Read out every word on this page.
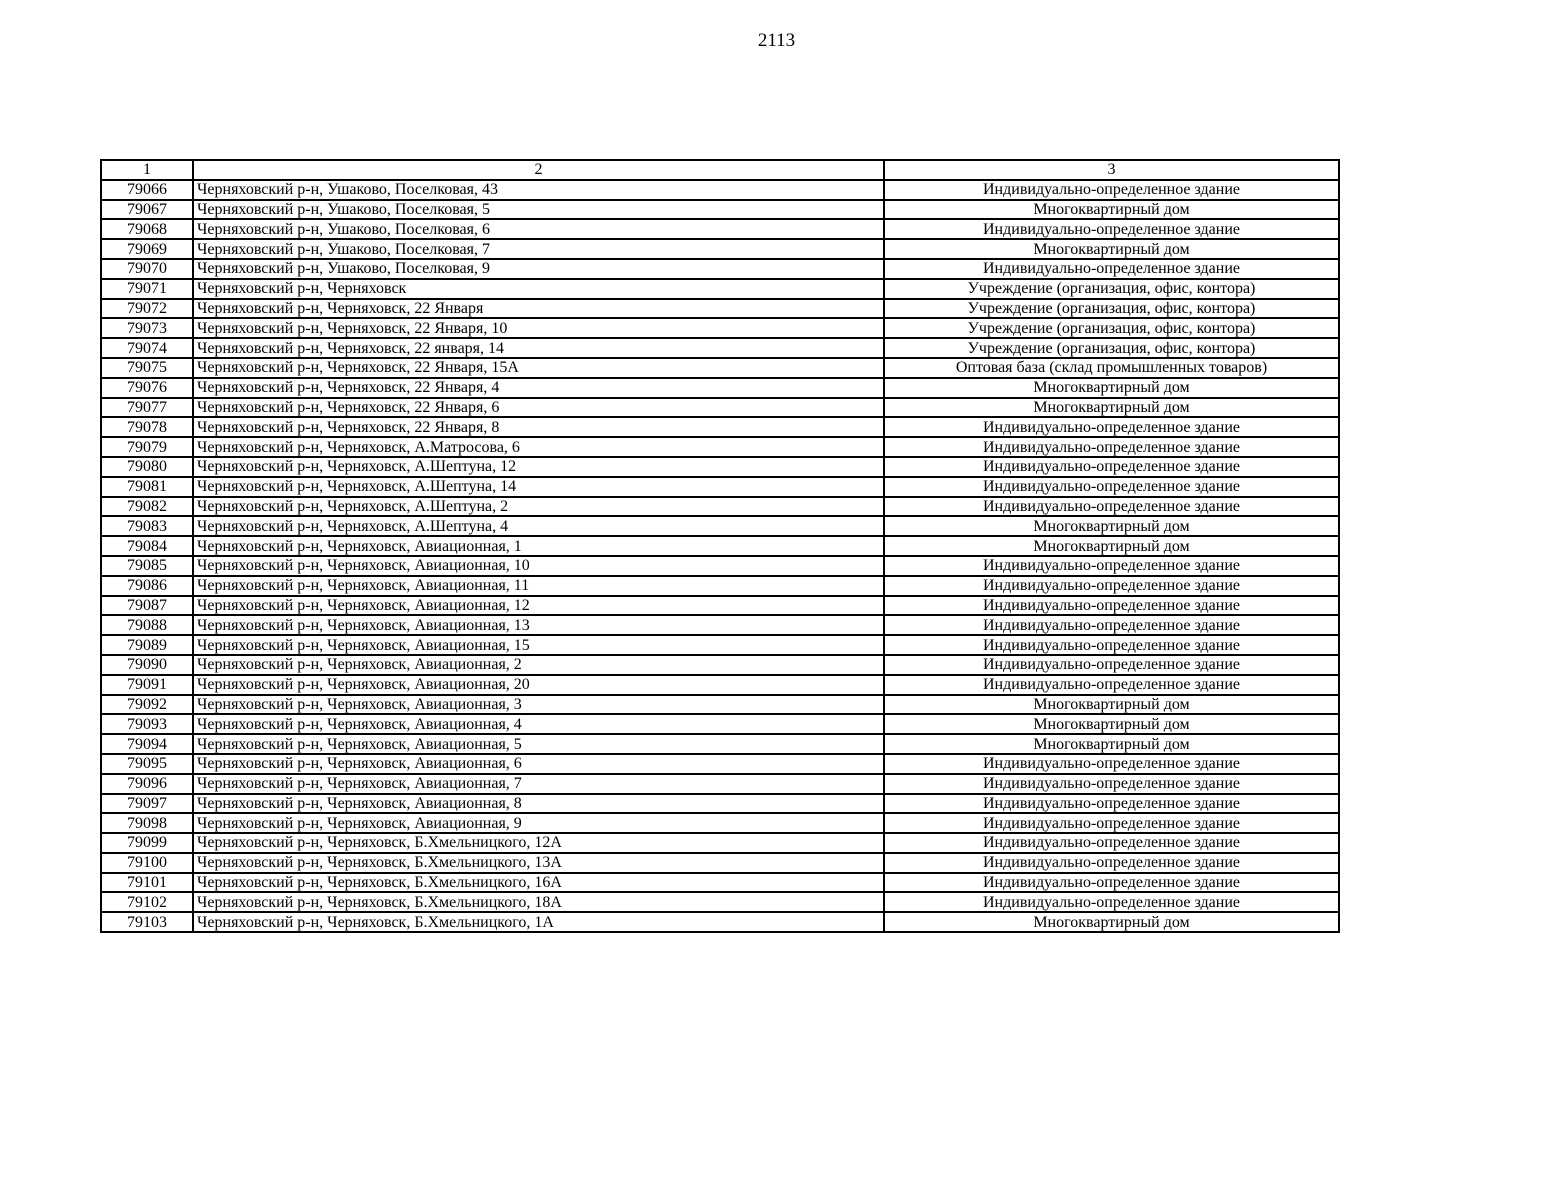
2113
1	2	3
79066	Черняховский р-н, Ушаково, Поселковая, 43	Индивидуально-определенное здание
79067	Черняховский р-н, Ушаково, Поселковая, 5	Многоквартирный дом
79068	Черняховский р-н, Ушаково, Поселковая, 6	Индивидуально-определенное здание
79069	Черняховский р-н, Ушаково, Поселковая, 7	Многоквартирный дом
79070	Черняховский р-н, Ушаково, Поселковая, 9	Индивидуально-определенное здание
79071	Черняховский р-н, Черняховск	Учреждение (организация, офис, контора)
79072	Черняховский р-н, Черняховск, 22 Января	Учреждение (организация, офис, контора)
79073	Черняховский р-н, Черняховск, 22 Января, 10	Учреждение (организация, офис, контора)
79074	Черняховский р-н, Черняховск, 22 января, 14	Учреждение (организация, офис, контора)
79075	Черняховский р-н, Черняховск, 22 Января, 15А	Оптовая база (склад промышленных товаров)
79076	Черняховский р-н, Черняховск, 22 Января, 4	Многоквартирный дом
79077	Черняховский р-н, Черняховск, 22 Января, 6	Многоквартирный дом
79078	Черняховский р-н, Черняховск, 22 Января, 8	Индивидуально-определенное здание
79079	Черняховский р-н, Черняховск, А.Матросова, 6	Индивидуально-определенное здание
79080	Черняховский р-н, Черняховск, А.Шептуна, 12	Индивидуально-определенное здание
79081	Черняховский р-н, Черняховск, А.Шептуна, 14	Индивидуально-определенное здание
79082	Черняховский р-н, Черняховск, А.Шептуна, 2	Индивидуально-определенное здание
79083	Черняховский р-н, Черняховск, А.Шептуна, 4	Многоквартирный дом
79084	Черняховский р-н, Черняховск, Авиационная, 1	Многоквартирный дом
79085	Черняховский р-н, Черняховск, Авиационная, 10	Индивидуально-определенное здание
79086	Черняховский р-н, Черняховск, Авиационная, 11	Индивидуально-определенное здание
79087	Черняховский р-н, Черняховск, Авиационная, 12	Индивидуально-определенное здание
79088	Черняховский р-н, Черняховск, Авиационная, 13	Индивидуально-определенное здание
79089	Черняховский р-н, Черняховск, Авиационная, 15	Индивидуально-определенное здание
79090	Черняховский р-н, Черняховск, Авиационная, 2	Индивидуально-определенное здание
79091	Черняховский р-н, Черняховск, Авиационная, 20	Индивидуально-определенное здание
79092	Черняховский р-н, Черняховск, Авиационная, 3	Многоквартирный дом
79093	Черняховский р-н, Черняховск, Авиационная, 4	Многоквартирный дом
79094	Черняховский р-н, Черняховск, Авиационная, 5	Многоквартирный дом
79095	Черняховский р-н, Черняховск, Авиационная, 6	Индивидуально-определенное здание
79096	Черняховский р-н, Черняховск, Авиационная, 7	Индивидуально-определенное здание
79097	Черняховский р-н, Черняховск, Авиационная, 8	Индивидуально-определенное здание
79098	Черняховский р-н, Черняховск, Авиационная, 9	Индивидуально-определенное здание
79099	Черняховский р-н, Черняховск, Б.Хмельницкого, 12А	Индивидуально-определенное здание
79100	Черняховский р-н, Черняховск, Б.Хмельницкого, 13А	Индивидуально-определенное здание
79101	Черняховский р-н, Черняховск, Б.Хмельницкого, 16А	Индивидуально-определенное здание
79102	Черняховский р-н, Черняховск, Б.Хмельницкого, 18А	Индивидуально-определенное здание
79103	Черняховский р-н, Черняховск, Б.Хмельницкого, 1А	Многоквартирный дом
